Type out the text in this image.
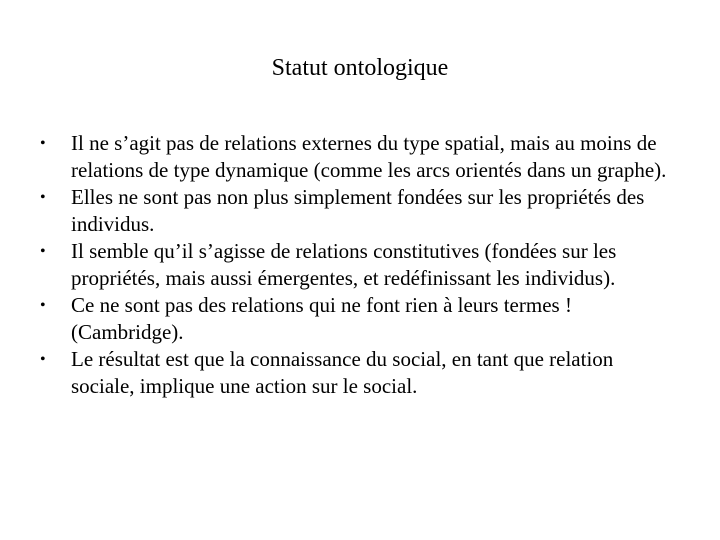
Statut ontologique
•	Il ne s’agit pas de relations externes du type spatial, mais au moins de relations de type dynamique (comme les arcs orientés dans un graphe).
•	Elles ne sont pas non plus simplement fondées sur les propriétés des individus.
•	Il semble qu’il s’agisse de relations constitutives (fondées sur les propriétés, mais aussi émergentes, et redéfinissant les individus).
•	Ce ne sont pas des relations qui ne font rien à leurs termes ! (Cambridge).
•	Le résultat est que la connaissance du social, en tant que relation sociale, implique une action sur le social.
